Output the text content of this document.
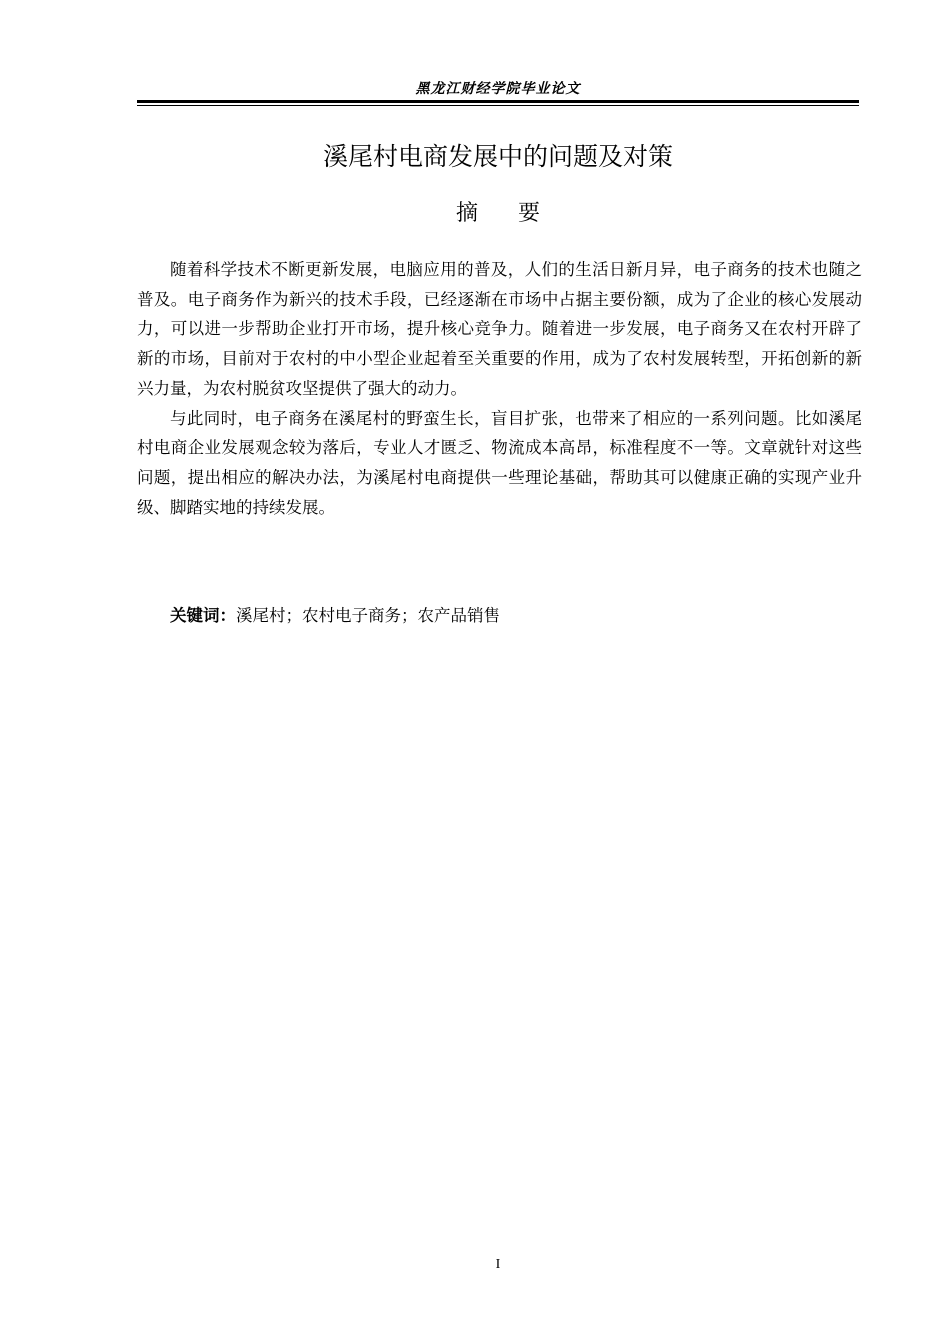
黑龙江财经学院毕业论文
溪尾村电商发展中的问题及对策
摘 要

随着科学技术不断更新发展，电脑应用的普及，人们的生活日新月异，电子商务的技术也随之普及。电子商务作为新兴的技术手段，已经逐渐在市场中占据主要份额，成为了企业的核心发展动力，可以进一步帮助企业打开市场，提升核心竞争力。随着进一步发展，电子商务又在农村开辟了新的市场，目前对于农村的中小型企业起着至关重要的作用，成为了农村发展转型，开拓创新的新兴力量，为农村脱贫攻坚提供了强大的动力。

与此同时，电子商务在溪尾村的野蛮生长，盲目扩张，也带来了相应的一系列问题。比如溪尾村电商企业发展观念较为落后，专业人才匮乏、物流成本高昂，标准程度不一等。文章就针对这些问题，提出相应的解决办法，为溪尾村电商提供一些理论基础，帮助其可以健康正确的实现产业升级、脚踏实地的持续发展。

关键词：溪尾村；农村电子商务；农产品销售
I
